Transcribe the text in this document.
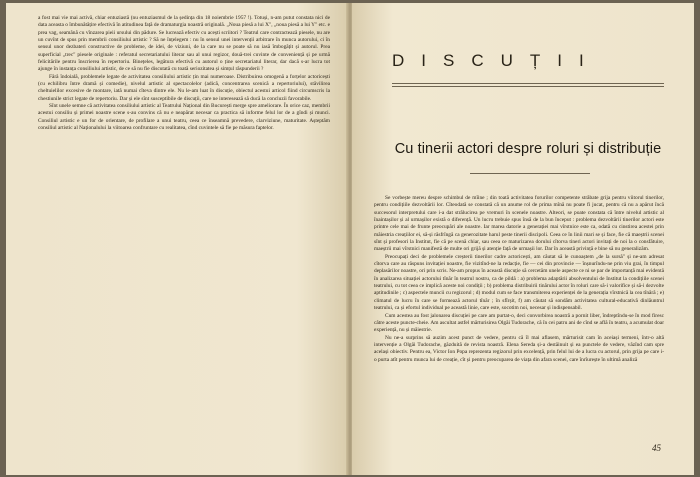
a fost mai vie mai activă, chiar entuziastă (nu entuziasmul de la ședința din 18 noiembrie 1957 !). Totuși, n-am putut constata nici de data aceasta o îmbunătățire efectivă în atitudinea față de dramaturgia noastră originală. „Noua piesă a lui X", „noua piesă a lui Y" etc. e prea vag, seamănă cu vînzarea pieii ursului din pădure. Se lucrează efectiv cu acești scriitori ? Teatrul care contractează piesele, nu are un cuvînt de spus prin membrii consiliului artistic ? Să ne înțelegem : nu în sensul unei intervenții arbitrare în munca autorului, ci în sensul unor dezbateri constructive de probleme, de idei, de viziuni, de la care nu se poate să nu iasă îmbogățit și autorul. Prea superficial „trec" piesele originale : referatul secretariatului literar sau al unui regizor, două-trei cuvinte de conveniență și pe urmă felicitările pentru înscrierea în repertoriu. Binețeles, legătura efectivă cu autorul o ține secretariatul literar, dar dacă s-ar lucra tot ajunge în instanța consiliului artistic, de ce să nu fie discutată cu toată seriozitatea și simțul răspunderii ?

Fără îndoială, problemele legate de activitatea consiliului artistic țin mai numeroase. Distribuirea omogenă a forțelor actoricești (cu echilibru între dramă și comedie), nivelul artistic al spectacolelor (adică, concentrarea scenică a repertoriului), stăvilirea cheltuielilor excesive de montare, iată numai cîteva dintre ele. Nu le-am luat în discuție, obiectul acestui articol fiind circumscris la chestiunile strict legate de repertoriu. Dar și ele sînt susceptibile de discuții, care ne interesează să ducă la concluzii favorabile.

Sînt unele semne că activitatea consiliului artistic al Teatrului Național din București merge spre ameliorare. În orice caz, membrii acestui consiliu și primei noastre scene s-au convins că nu e neapărat necesar ca practica să informe felul lor de a gîndi și munci. Consiliul artistic e un for de orientare, de profilare a unui teatru, ceea ce înseamnă prevedere, clarviziune, maturitate. Așteptăm consiliul artistic al Naționalului la viitoarea confruntare cu realitatea, cînd cuvintele să fie pe măsura faptelor.

DISCUȚII
Cu tinerii actori despre roluri și distribuție

Se vorbește mereu despre schimbul de mîine ; din toată activitatea forurilor competente străbate grija pentru viitorul tinerilor, pentru condițiile dezvoltării lor. Cîteodată se constată că un anume rol de prima mînă nu poate fi jucat, pentru că nu a apărut încă succesorul interpretului care i-a dat strălucirea pe vremuri în scenele noastre. Alteori, se poate constata că între nivelul artistic al înaintașilor și al urmașilor există o diferență. Un lucru trebuie spus însă de la bun început : problema dezvoltării tinerilor actori este printre cele mai de frunte preocupări ale noastre. Iar marea datorie a generației mai vîrstnice este ca, odată cu cinstirea acestei prin măiestria creațiilor ei, să-și răsfrîngă ca generozitate harul peste tinerii discipoli. Ceea ce în linii mari se și face, fie că maeștrii scenei sînt și profesori la Institut, fie că pe scenă chiar, sau ceea ce maturizarea dorului cîtorva tineri actori invitați de noi la o consfătuire, maeștrii mai vîrstnici manifestă de multe ori grijă și atenție față de urmașii lor. Dar în această privință e bine să nu generalizăm.

Preocupați deci de problemele creșterii tinerilor cadre actoricești, am căutat să le cunoaștem „de la sursă" și ne-am adresat cîtorva care au răspuns invitației noastre, fie vizitînd-ne la redacție, fie — cei din provincie — înșnurîndu-ne prin viu grai, în timpul deplasărilor noastre, ori prin scris. Ne-am propus în această discuție să cercetăm unele aspecte ce ni se par de importanță mai evidentă în analizarea situației actorului tînăr în teatrul nostru, ca de pildă : a) problema adaptării absolventului de Institut la condițiile scenei teatrului, cu tot ceea ce implică aceste noi condiții ; b) problema distribuirii tinărului actor în roluri care să-i valorifice și să-i dezvolte aptitudinile ; c) aspectele muncii cu regizorul ; d) modul cum se face transmiterea experienței de la generația vîrstnică la cea tînără ; e) climatul de lucru în care se formează actorul tînăr ; în sfîrșit, f) am căutat să sondăm activitatea cultural-educativă dinlăuntrul teatrului, ca și efortul individual pe această linie, care este, socotim noi, necesar și indispensabil.

Cum acestea au fost jalonarea discuției pe care am purtat-o, deci convorbirea noastră a pornit liber, îndreptîndu-se în mod firesc către aceste puncte-cheie. Am ascultat astfel mărturisirea Olgăi Tudorache, că în cei patru ani de cînd se află în teatru, a acumulat doar experiență, nu și măiestrie.

Nu ne-a surprins să auzim acest punct de vedere, pentru că îl mai aflasem, mărturisit cam în aceiași termeni, într-o altă intervenție a Olgăi Tudorache, găzduită de revista noastră. Elena Sereda și-a destăinuit și ea punctele de vedere, văzînd cam spre același obiectiv. Pentru ea, Victor Ion Popa reprezenta regizorul prin excelență, prin felul lui de a lucra cu actorul, prin grija pe care i-o purta atît pentru munca lui de creație, cît și pentru preocuparea de viața din afara scenei, care înrîurește în ultimă analiză

45
